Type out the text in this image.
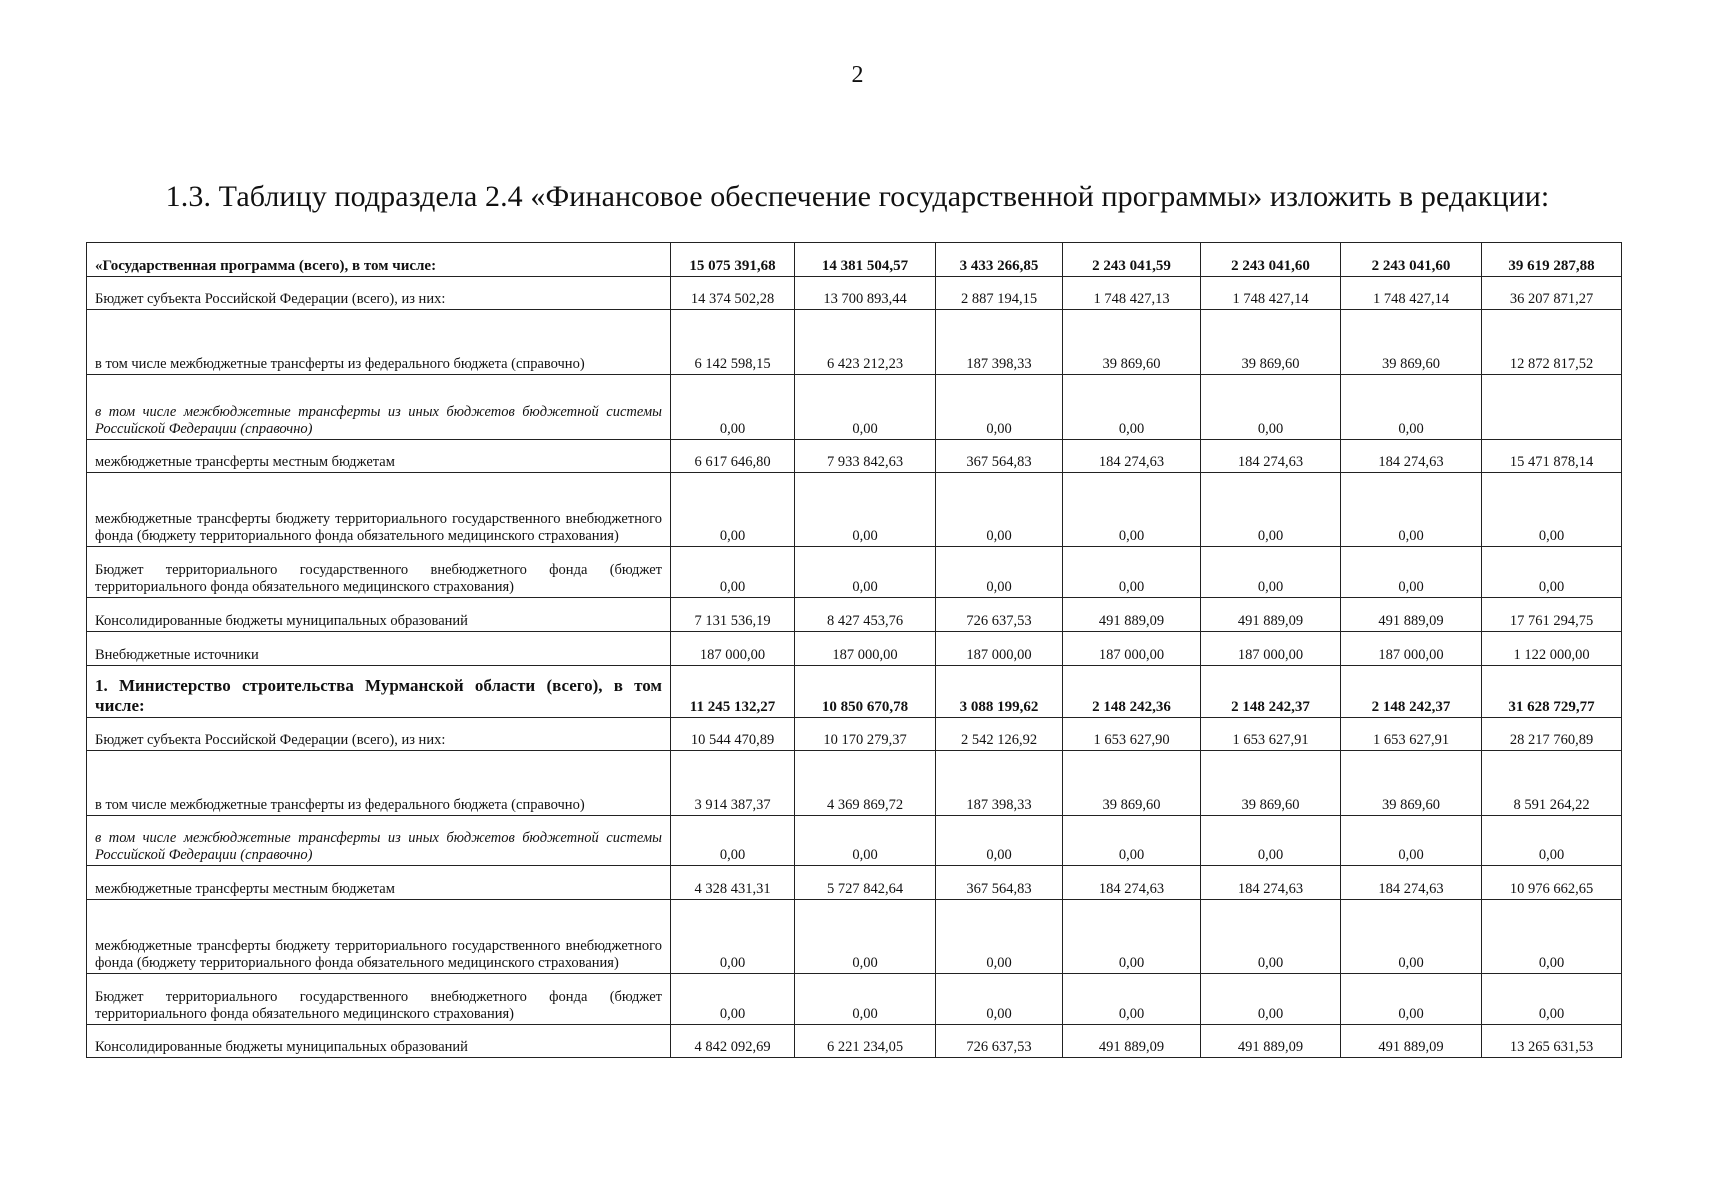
2
1.3. Таблицу подраздела 2.4 «Финансовое обеспечение государственной программы» изложить в редакции:
«Государственная программа (всего), в том числе:	15 075 391,68	14 381 504,57	3 433 266,85	2 243 041,59	2 243 041,60	2 243 041,60	39 619 287,88
Бюджет субъекта Российской Федерации (всего), из них:	14 374 502,28	13 700 893,44	2 887 194,15	1 748 427,13	1 748 427,14	1 748 427,14	36 207 871,27
в том числе межбюджетные трансферты из федерального бюджета (справочно)	6 142 598,15	6 423 212,23	187 398,33	39 869,60	39 869,60	39 869,60	12 872 817,52
в том числе межбюджетные трансферты из иных бюджетов бюджетной системы Российской Федерации (справочно)	0,00	0,00	0,00	0,00	0,00	0,00	
межбюджетные трансферты местным бюджетам	6 617 646,80	7 933 842,63	367 564,83	184 274,63	184 274,63	184 274,63	15 471 878,14
межбюджетные трансферты бюджету территориального государственного внебюджетного фонда (бюджету территориального фонда обязательного медицинского страхования)	0,00	0,00	0,00	0,00	0,00	0,00	0,00
Бюджет территориального государственного внебюджетного фонда (бюджет территориального фонда обязательного медицинского страхования)	0,00	0,00	0,00	0,00	0,00	0,00	0,00
Консолидированные бюджеты муниципальных образований	7 131 536,19	8 427 453,76	726 637,53	491 889,09	491 889,09	491 889,09	17 761 294,75
Внебюджетные источники	187 000,00	187 000,00	187 000,00	187 000,00	187 000,00	187 000,00	1 122 000,00
1. Министерство строительства Мурманской области (всего), в том числе:	11 245 132,27	10 850 670,78	3 088 199,62	2 148 242,36	2 148 242,37	2 148 242,37	31 628 729,77
Бюджет субъекта Российской Федерации (всего), из них:	10 544 470,89	10 170 279,37	2 542 126,92	1 653 627,90	1 653 627,91	1 653 627,91	28 217 760,89
в том числе межбюджетные трансферты из федерального бюджета (справочно)	3 914 387,37	4 369 869,72	187 398,33	39 869,60	39 869,60	39 869,60	8 591 264,22
в том числе межбюджетные трансферты из иных бюджетов бюджетной системы Российской Федерации (справочно)	0,00	0,00	0,00	0,00	0,00	0,00	0,00
межбюджетные трансферты местным бюджетам	4 328 431,31	5 727 842,64	367 564,83	184 274,63	184 274,63	184 274,63	10 976 662,65
межбюджетные трансферты бюджету территориального государственного внебюджетного фонда (бюджету территориального фонда обязательного медицинского страхования)	0,00	0,00	0,00	0,00	0,00	0,00	0,00
Бюджет территориального государственного внебюджетного фонда (бюджет территориального фонда обязательного медицинского страхования)	0,00	0,00	0,00	0,00	0,00	0,00	0,00
Консолидированные бюджеты муниципальных образований	4 842 092,69	6 221 234,05	726 637,53	491 889,09	491 889,09	491 889,09	13 265 631,53
